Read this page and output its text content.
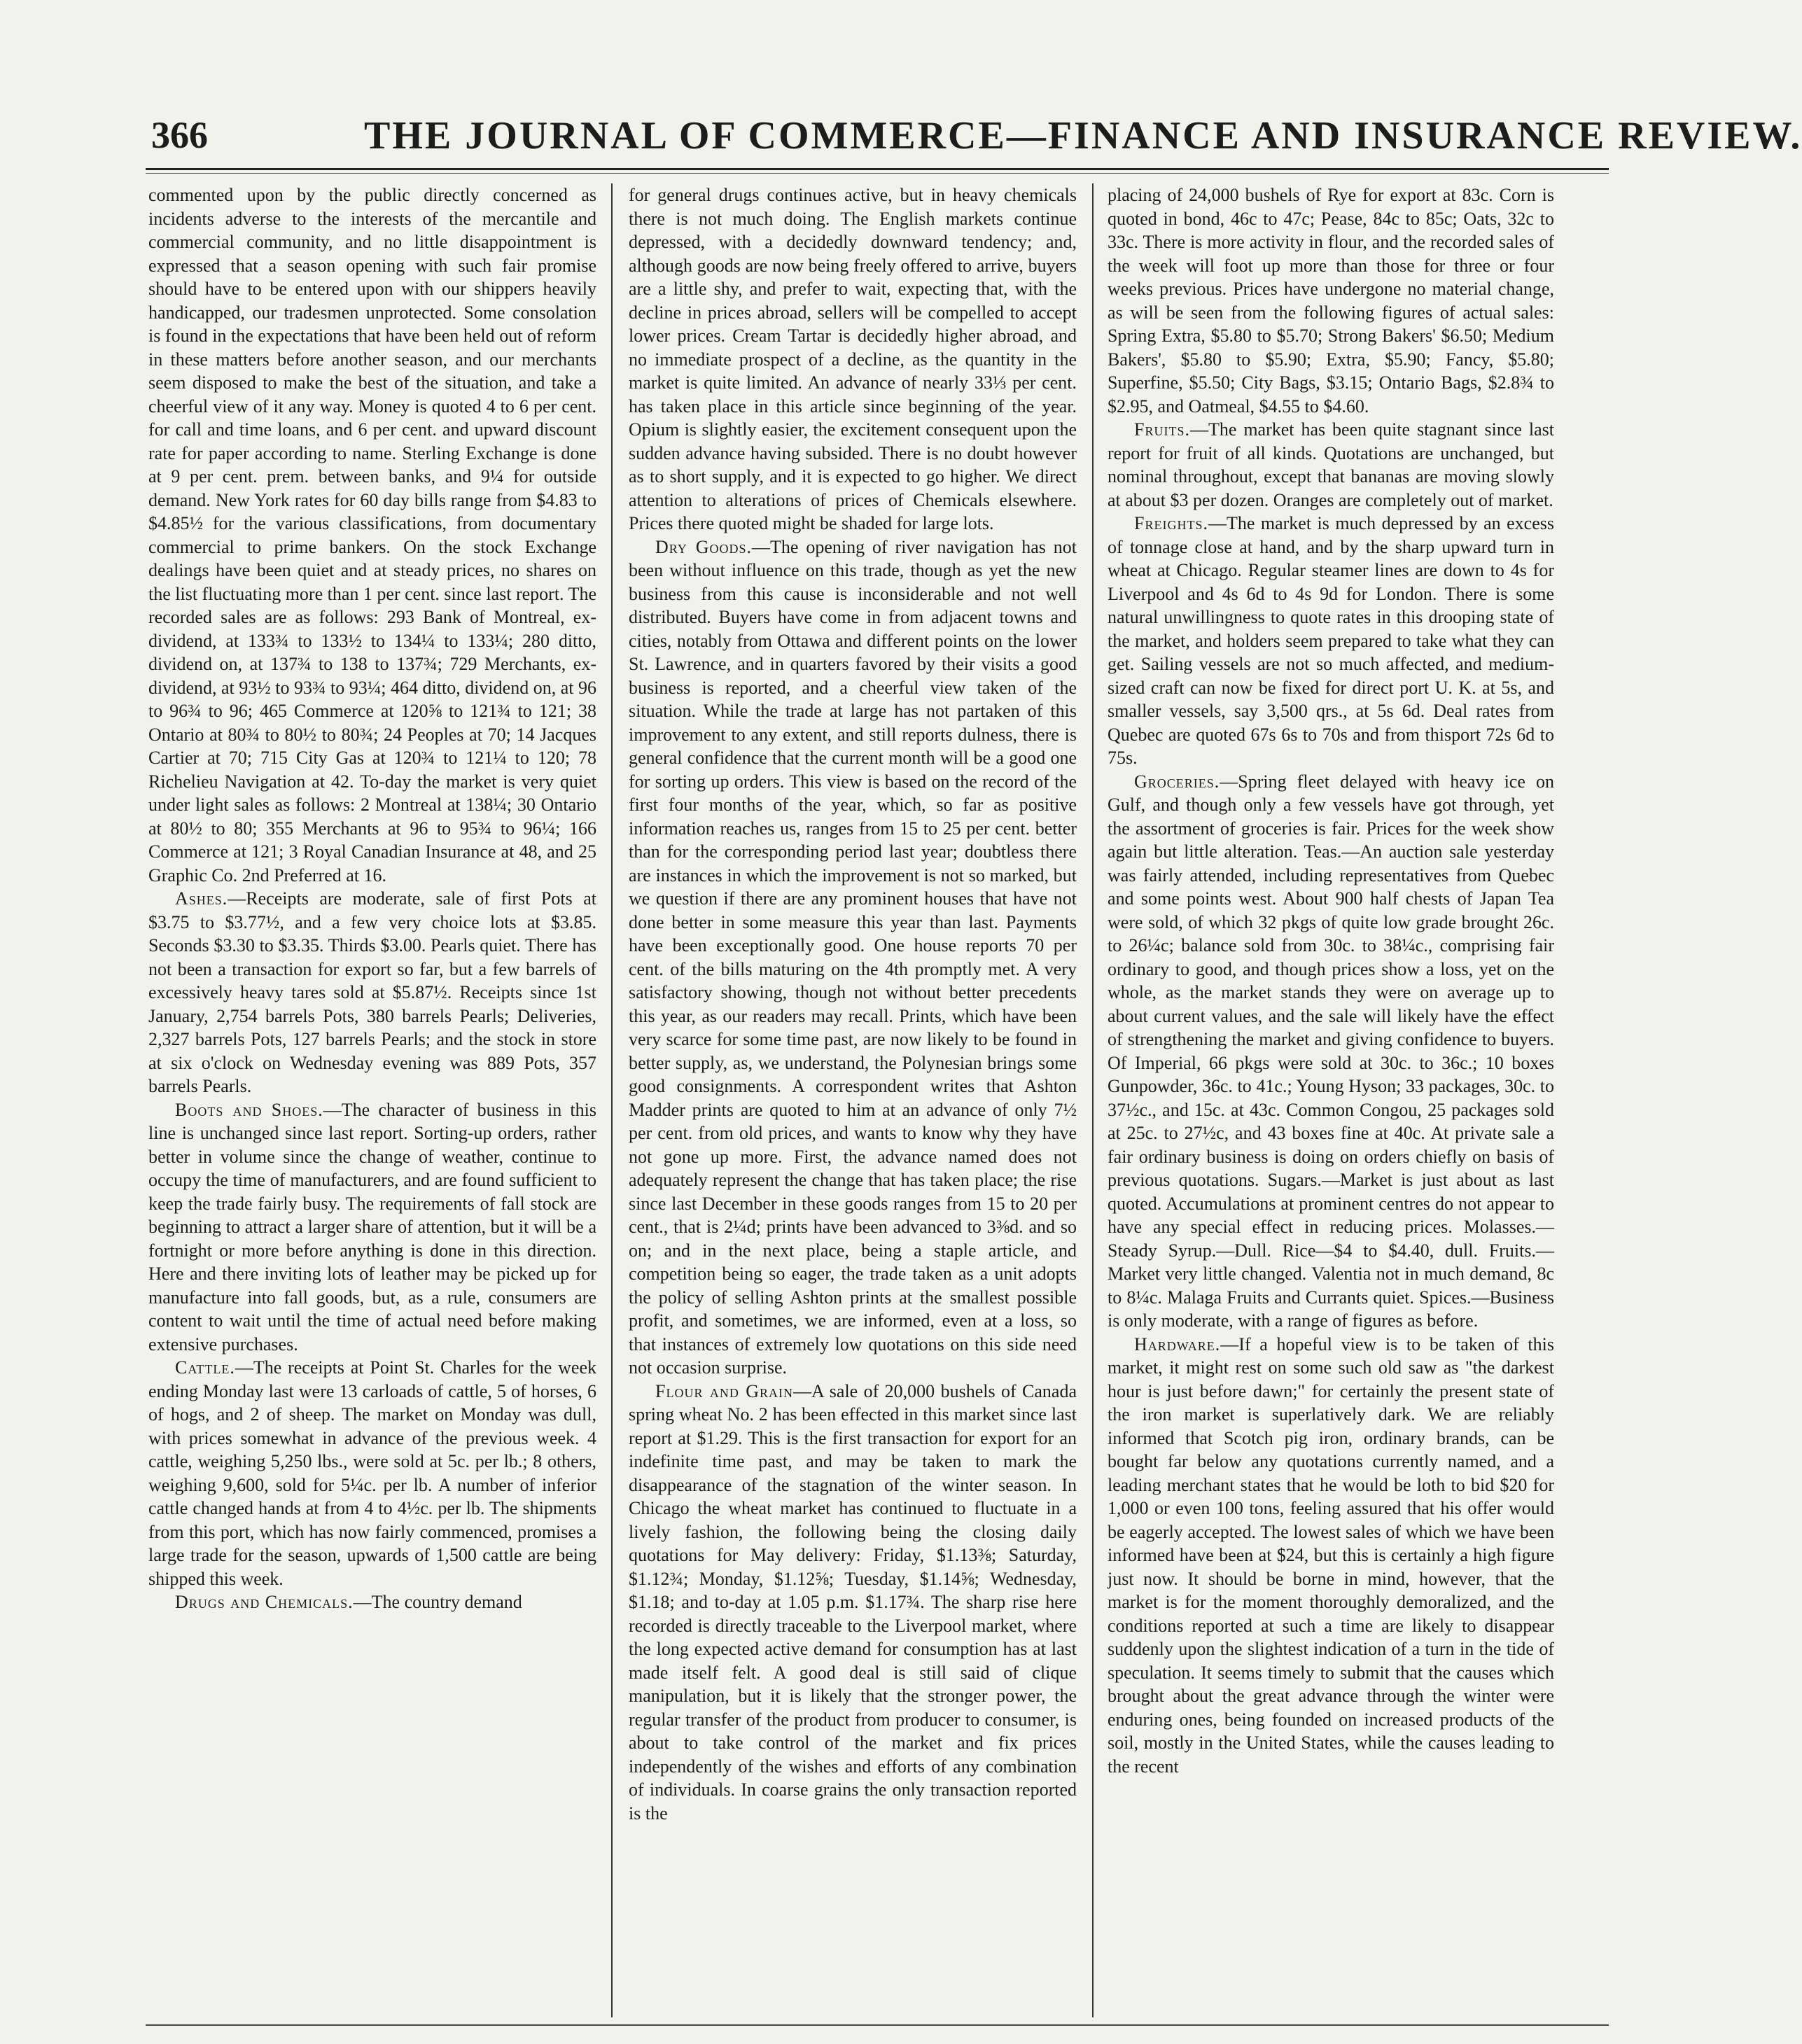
366	THE JOURNAL OF COMMERCE—FINANCE AND INSURANCE REVIEW.

commented upon by the public directly concerned as incidents adverse to the interests of the mercantile and commercial community, and no little disappointment is expressed that a season opening with such fair promise should have to be entered upon with our shippers heavily handicapped, our tradesmen unprotected. Some consolation is found in the expectations that have been held out of reform in these matters before another season, and our merchants seem disposed to make the best of the situation, and take a cheerful view of it any way. Money is quoted 4 to 6 per cent. for call and time loans, and 6 per cent. and upward discount rate for paper according to name. Sterling Exchange is done at 9 per cent. prem. between banks, and 9¼ for outside demand. New York rates for 60 day bills range from $4.83 to $4.85½ for the various classifications, from documentary commercial to prime bankers. On the stock Exchange dealings have been quiet and at steady prices, no shares on the list fluctuating more than 1 per cent. since last report. The recorded sales are as follows: 293 Bank of Montreal, ex-dividend, at 133¾ to 133½ to 134¼ to 133¼; 280 ditto, dividend on, at 137¾ to 138 to 137¾; 729 Merchants, ex-dividend, at 93½ to 93¾ to 93¼; 464 ditto, dividend on, at 96 to 96¾ to 96; 465 Commerce at 120⅝ to 121¾ to 121; 38 Ontario at 80¾ to 80½ to 80¾; 24 Peoples at 70; 14 Jacques Cartier at 70; 715 City Gas at 120¾ to 121¼ to 120; 78 Richelieu Navigation at 42. To-day the market is very quiet under light sales as follows: 2 Montreal at 138¼; 30 Ontario at 80½ to 80; 355 Merchants at 96 to 95¾ to 96¼; 166 Commerce at 121; 3 Royal Canadian Insurance at 48, and 25 Graphic Co. 2nd Preferred at 16.

Ashes.—Receipts are moderate, sale of first Pots at $3.75 to $3.77½, and a few very choice lots at $3.85. Seconds $3.30 to $3.35. Thirds $3.00. Pearls quiet. There has not been a transaction for export so far, but a few barrels of excessively heavy tares sold at $5.87½. Receipts since 1st January, 2,754 barrels Pots, 380 barrels Pearls; Deliveries, 2,327 barrels Pots, 127 barrels Pearls; and the stock in store at six o'clock on Wednesday evening was 889 Pots, 357 barrels Pearls.

Boots and Shoes.—The character of business in this line is unchanged since last report. Sorting-up orders, rather better in volume since the change of weather, continue to occupy the time of manufacturers, and are found sufficient to keep the trade fairly busy. The requirements of fall stock are beginning to attract a larger share of attention, but it will be a fortnight or more before anything is done in this direction. Here and there inviting lots of leather may be picked up for manufacture into fall goods, but, as a rule, consumers are content to wait until the time of actual need before making extensive purchases.

Cattle.—The receipts at Point St. Charles for the week ending Monday last were 13 carloads of cattle, 5 of horses, 6 of hogs, and 2 of sheep. The market on Monday was dull, with prices somewhat in advance of the previous week. 4 cattle, weighing 5,250 lbs., were sold at 5c. per lb.; 8 others, weighing 9,600, sold for 5¼c. per lb. A number of inferior cattle changed hands at from 4 to 4½c. per lb. The shipments from this port, which has now fairly commenced, promises a large trade for the season, upwards of 1,500 cattle are being shipped this week.

Drugs and Chemicals.—The country demand

for general drugs continues active, but in heavy chemicals there is not much doing. The English markets continue depressed, with a decidedly downward tendency; and, although goods are now being freely offered to arrive, buyers are a little shy, and prefer to wait, expecting that, with the decline in prices abroad, sellers will be compelled to accept lower prices. Cream Tartar is decidedly higher abroad, and no immediate prospect of a decline, as the quantity in the market is quite limited. An advance of nearly 33⅓ per cent. has taken place in this article since beginning of the year. Opium is slightly easier, the excitement consequent upon the sudden advance having subsided. There is no doubt however as to short supply, and it is expected to go higher. We direct attention to alterations of prices of Chemicals elsewhere. Prices there quoted might be shaded for large lots.

Dry Goods.—The opening of river navigation has not been without influence on this trade, though as yet the new business from this cause is inconsiderable and not well distributed. Buyers have come in from adjacent towns and cities, notably from Ottawa and different points on the lower St. Lawrence, and in quarters favored by their visits a good business is reported, and a cheerful view taken of the situation. While the trade at large has not partaken of this improvement to any extent, and still reports dulness, there is general confidence that the current month will be a good one for sorting up orders. This view is based on the record of the first four months of the year, which, so far as positive information reaches us, ranges from 15 to 25 per cent. better than for the corresponding period last year; doubtless there are instances in which the improvement is not so marked, but we question if there are any prominent houses that have not done better in some measure this year than last. Payments have been exceptionally good. One house reports 70 per cent. of the bills maturing on the 4th promptly met. A very satisfactory showing, though not without better precedents this year, as our readers may recall. Prints, which have been very scarce for some time past, are now likely to be found in better supply, as, we understand, the Polynesian brings some good consignments. A correspondent writes that Ashton Madder prints are quoted to him at an advance of only 7½ per cent. from old prices, and wants to know why they have not gone up more. First, the advance named does not adequately represent the change that has taken place; the rise since last December in these goods ranges from 15 to 20 per cent., that is 2¼d; prints have been advanced to 3⅜d. and so on; and in the next place, being a staple article, and competition being so eager, the trade taken as a unit adopts the policy of selling Ashton prints at the smallest possible profit, and sometimes, we are informed, even at a loss, so that instances of extremely low quotations on this side need not occasion surprise.

Flour and Grain—A sale of 20,000 bushels of Canada spring wheat No. 2 has been effected in this market since last report at $1.29. This is the first transaction for export for an indefinite time past, and may be taken to mark the disappearance of the stagnation of the winter season. In Chicago the wheat market has continued to fluctuate in a lively fashion, the following being the closing daily quotations for May delivery: Friday, $1.13⅜; Saturday, $1.12¾; Monday, $1.12⅝; Tuesday, $1.14⅝; Wednesday, $1.18; and to-day at 1.05 p.m. $1.17¾. The sharp rise here recorded is directly traceable to the Liverpool market, where the long expected active demand for consumption has at last made itself felt. A good deal is still said of clique manipulation, but it is likely that the stronger power, the regular transfer of the product from producer to consumer, is about to take control of the market and fix prices independently of the wishes and efforts of any combination of individuals. In coarse grains the only transaction reported is the

placing of 24,000 bushels of Rye for export at 83c. Corn is quoted in bond, 46c to 47c; Pease, 84c to 85c; Oats, 32c to 33c. There is more activity in flour, and the recorded sales of the week will foot up more than those for three or four weeks previous. Prices have undergone no material change, as will be seen from the following figures of actual sales: Spring Extra, $5.80 to $5.70; Strong Bakers' $6.50; Medium Bakers', $5.80 to $5.90; Extra, $5.90; Fancy, $5.80; Superfine, $5.50; City Bags, $3.15; Ontario Bags, $2.8¾ to $2.95, and Oatmeal, $4.55 to $4.60.

Fruits.—The market has been quite stagnant since last report for fruit of all kinds. Quotations are unchanged, but nominal throughout, except that bananas are moving slowly at about $3 per dozen. Oranges are completely out of market.

Freights.—The market is much depressed by an excess of tonnage close at hand, and by the sharp upward turn in wheat at Chicago. Regular steamer lines are down to 4s for Liverpool and 4s 6d to 4s 9d for London. There is some natural unwillingness to quote rates in this drooping state of the market, and holders seem prepared to take what they can get. Sailing vessels are not so much affected, and medium-sized craft can now be fixed for direct port U. K. at 5s, and smaller vessels, say 3,500 qrs., at 5s 6d. Deal rates from Quebec are quoted 67s 6s to 70s and from thisport 72s 6d to 75s.

Groceries.—Spring fleet delayed with heavy ice on Gulf, and though only a few vessels have got through, yet the assortment of groceries is fair. Prices for the week show again but little alteration. Teas.—An auction sale yesterday was fairly attended, including representatives from Quebec and some points west. About 900 half chests of Japan Tea were sold, of which 32 pkgs of quite low grade brought 26c. to 26¼c; balance sold from 30c. to 38¼c., comprising fair ordinary to good, and though prices show a loss, yet on the whole, as the market stands they were on average up to about current values, and the sale will likely have the effect of strengthening the market and giving confidence to buyers. Of Imperial, 66 pkgs were sold at 30c. to 36c.; 10 boxes Gunpowder, 36c. to 41c.; Young Hyson; 33 packages, 30c. to 37½c., and 15c. at 43c. Common Congou, 25 packages sold at 25c. to 27½c, and 43 boxes fine at 40c. At private sale a fair ordinary business is doing on orders chiefly on basis of previous quotations. Sugars.—Market is just about as last quoted. Accumulations at prominent centres do not appear to have any special effect in reducing prices. Molasses.—Steady Syrup.—Dull. Rice—$4 to $4.40, dull. Fruits.—Market very little changed. Valentia not in much demand, 8c to 8¼c. Malaga Fruits and Currants quiet. Spices.—Business is only moderate, with a range of figures as before.

Hardware.—If a hopeful view is to be taken of this market, it might rest on some such old saw as "the darkest hour is just before dawn;" for certainly the present state of the iron market is superlatively dark. We are reliably informed that Scotch pig iron, ordinary brands, can be bought far below any quotations currently named, and a leading merchant states that he would be loth to bid $20 for 1,000 or even 100 tons, feeling assured that his offer would be eagerly accepted. The lowest sales of which we have been informed have been at $24, but this is certainly a high figure just now. It should be borne in mind, however, that the market is for the moment thoroughly demoralized, and the conditions reported at such a time are likely to disappear suddenly upon the slightest indication of a turn in the tide of speculation. It seems timely to submit that the causes which brought about the great advance through the winter were enduring ones, being founded on increased products of the soil, mostly in the United States, while the causes leading to the recent
